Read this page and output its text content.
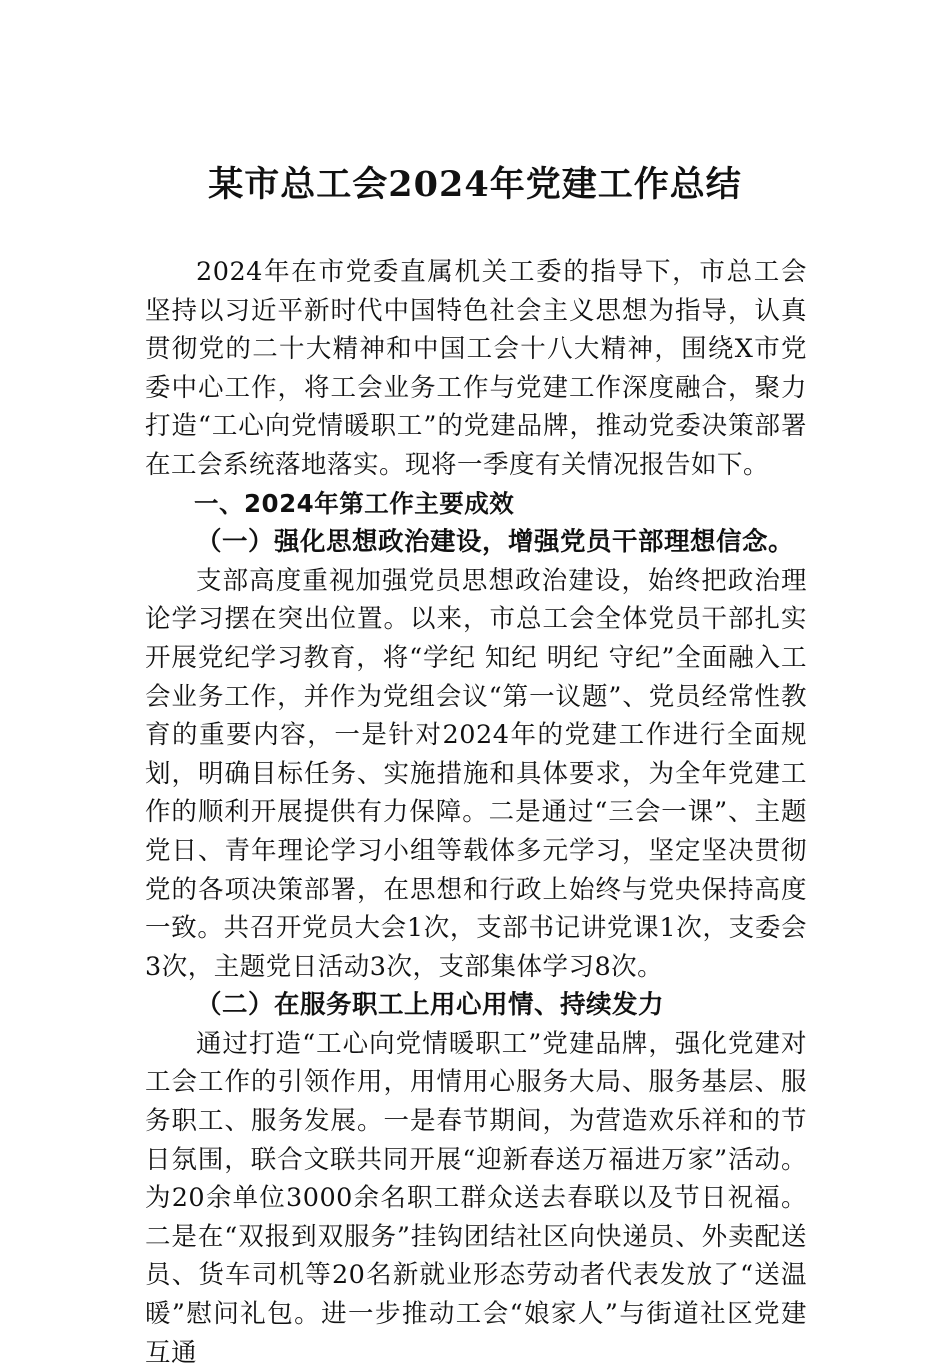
某市总工会2024年党建工作总结

2024年在市党委直属机关工委的指导下，市总工会坚持以习近平新时代中国特色社会主义思想为指导，认真贯彻党的二十大精神和中国工会十八大精神，围绕X市党委中心工作，将工会业务工作与党建工作深度融合，聚力打造“工心向党情暖职工”的党建品牌，推动党委决策部署在工会系统落地落实。现将一季度有关情况报告如下。

一、2024年第工作主要成效

（一）强化思想政治建设，增强党员干部理想信念。

支部高度重视加强党员思想政治建设，始终把政治理论学习摆在突出位置。以来，市总工会全体党员干部扎实开展党纪学习教育，将“学纪 知纪 明纪 守纪”全面融入工会业务工作，并作为党组会议“第一议题”、党员经常性教育的重要内容，一是针对2024年的党建工作进行全面规划，明确目标任务、实施措施和具体要求，为全年党建工作的顺利开展提供有力保障。二是通过“三会一课”、主题党日、青年理论学习小组等载体多元学习，坚定坚决贯彻党的各项决策部署，在思想和行政上始终与党央保持高度一致。共召开党员大会1次，支部书记讲党课1次，支委会3次，主题党日活动3次，支部集体学习8次。

（二）在服务职工上用心用情、持续发力

通过打造“工心向党情暖职工”党建品牌，强化党建对工会工作的引领作用，用情用心服务大局、服务基层、服务职工、服务发展。一是春节期间，为营造欢乐祥和的节日氛围，联合文联共同开展“迎新春送万福进万家”活动。为20余单位3000余名职工群众送去春联以及节日祝福。二是在“双报到双服务”挂钩团结社区向快递员、外卖配送员、货车司机等20名新就业形态劳动者代表发放了“送温暖”慰问礼包。进一步推动工会“娘家人”与街道社区党建互通
